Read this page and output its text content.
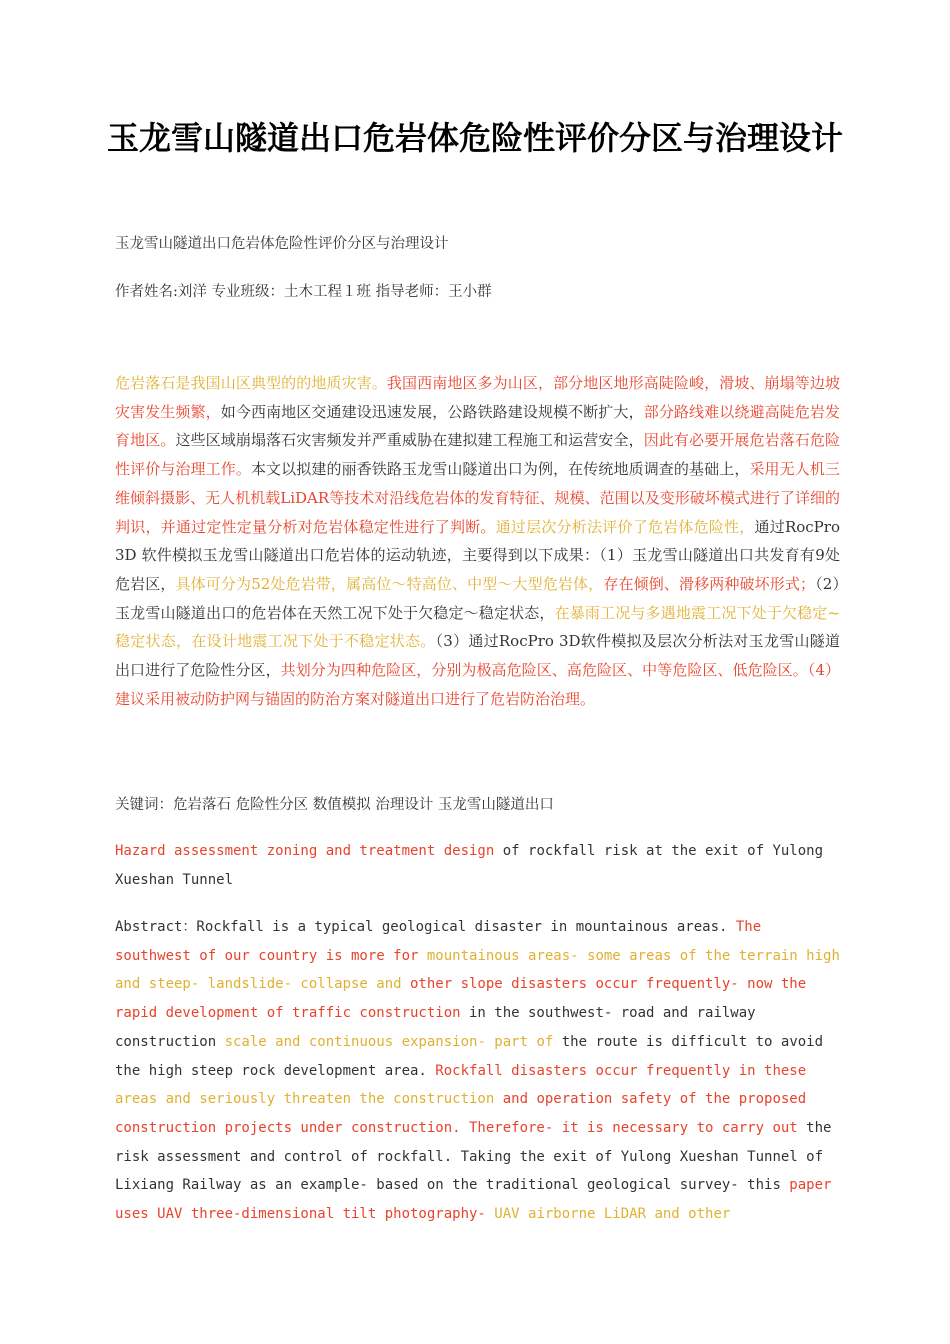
玉龙雪山隧道出口危岩体危险性评价分区与治理设计
玉龙雪山隧道出口危岩体危险性评价分区与治理设计
作者姓名:刘洋 专业班级：土木工程１班 指导老师：王小群

危岩落石是我国山区典型的的地质灾害。我国西南地区多为山区，部分地区地形高陡险峻，滑坡、崩塌等边坡灾害发生频繁，如今西南地区交通建设迅速发展，公路铁路建设规模不断扩大，部分路线难以绕避高陡危岩发育地区。这些区域崩塌落石灾害频发并严重威胁在建拟建工程施工和运营安全，因此有必要开展危岩落石危险性评价与治理工作。本文以拟建的丽香铁路玉龙雪山隧道出口为例，在传统地质调查的基础上，采用无人机三维倾斜摄影、无人机机载LiDAR等技术对沿线危岩体的发育特征、规模、范围以及变形破坏模式进行了详细的判识，并通过定性定量分析对危岩体稳定性进行了判断。通过层次分析法评价了危岩体危险性，通过RocPro 3D 软件模拟玉龙雪山隧道出口危岩体的运动轨迹，主要得到以下成果：（1）玉龙雪山隧道出口共发育有9处危岩区，具体可分为52处危岩带，属高位～特高位、中型～大型危岩体，存在倾倒、滑移两种破坏形式；（2）玉龙雪山隧道出口的危岩体在天然工况下处于欠稳定～稳定状态，在暴雨工况与多遇地震工况下处于欠稳定~稳定状态，在设计地震工况下处于不稳定状态。（3）通过RocPro 3D软件模拟及层次分析法对玉龙雪山隧道出口进行了危险性分区，共划分为四种危险区，分别为极高危险区、高危险区、中等危险区、低危险区。（4）建议采用被动防护网与锚固的防治方案对隧道出口进行了危岩防治治理。

关键词：危岩落石 危险性分区 数值模拟 治理设计 玉龙雪山隧道出口

Hazard assessment zoning and treatment design of rockfall risk at the exit of Yulong Xueshan Tunnel

Abstract：Rockfall is a typical geological disaster in mountainous areas. The southwest of our country is more for mountainous areas- some areas of the terrain high and steep- landslide- collapse and other slope disasters occur frequently- now the rapid development of traffic construction in the southwest- road and railway construction scale and continuous expansion- part of the route is difficult to avoid the high steep rock development area. Rockfall disasters occur frequently in these areas and seriously threaten the construction and operation safety of the proposed construction projects under construction. Therefore- it is necessary to carry out the risk assessment and control of rockfall. Taking the exit of Yulong Xueshan Tunnel of Lixiang Railway as an example- based on the traditional geological survey- this paper uses UAV three-dimensional tilt photography- UAV airborne LiDAR and other
